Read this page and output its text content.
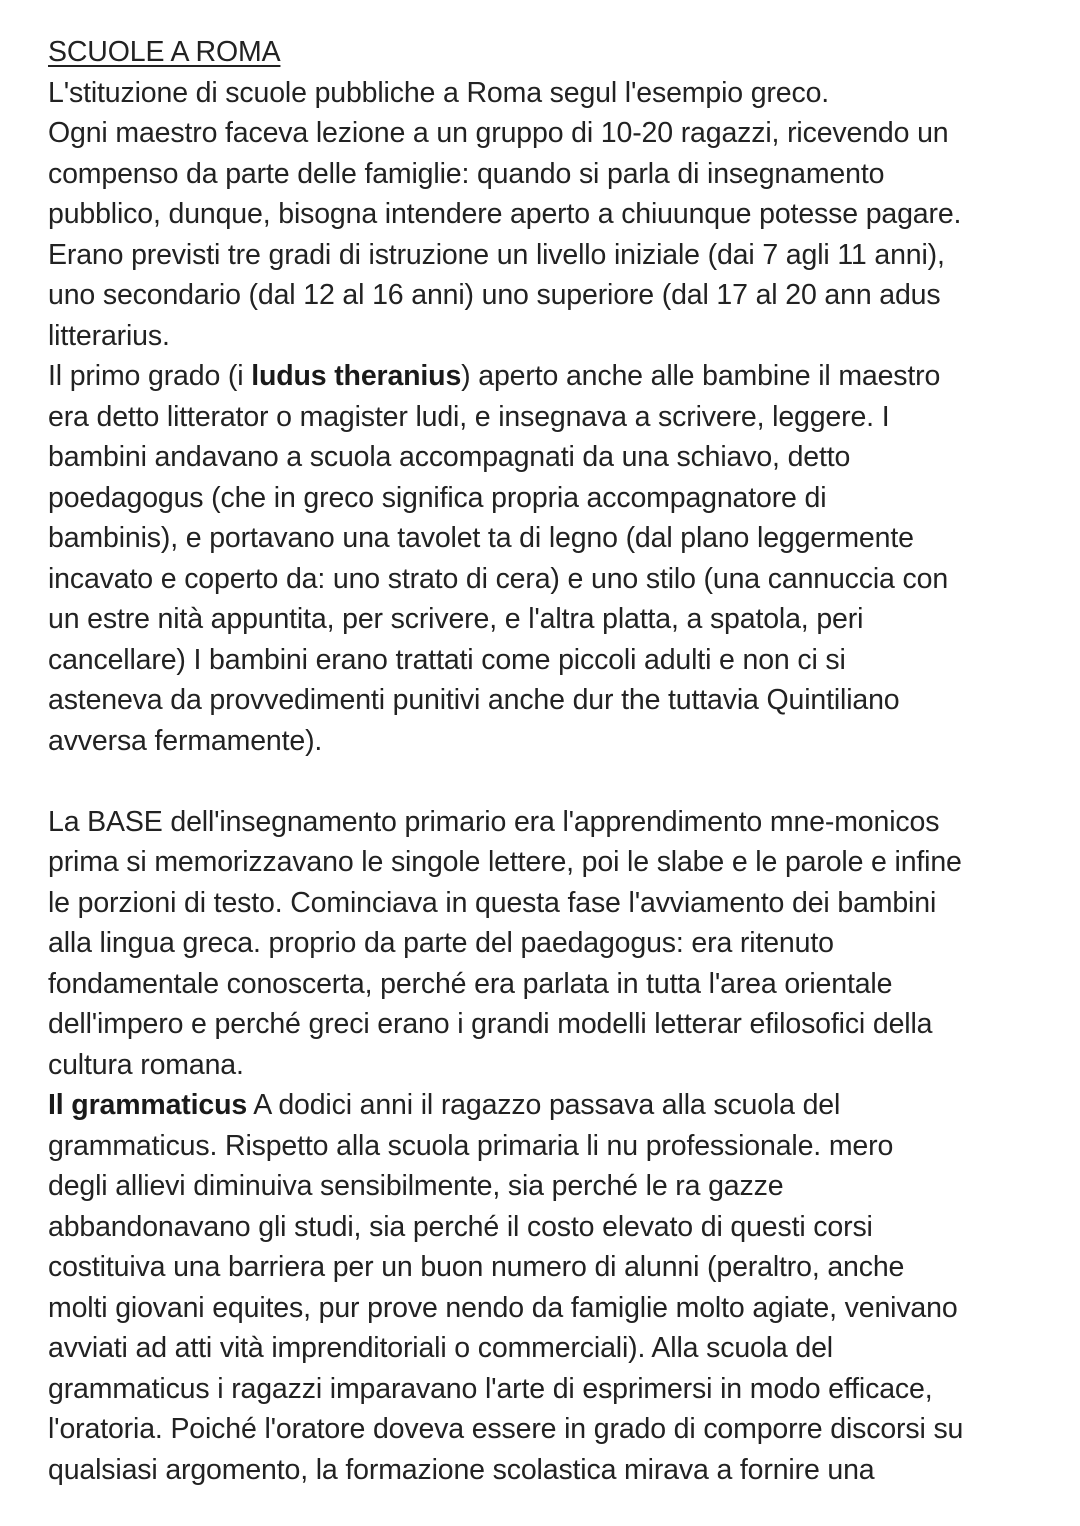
SCUOLE A ROMA
L'stituzione di scuole pubbliche a Roma segul l'esempio greco.
Ogni maestro faceva lezione a un gruppo di 10-20 ragazzi, ricevendo un
compenso da parte delle famiglie: quando si parla di insegnamento
pubblico, dunque, bisogna intendere aperto a chiuunque potesse pagare.
Erano previsti tre gradi di istruzione un livello iniziale (dai 7 agli 11 anni),
uno secondario (dal 12 al 16 anni) uno superiore (dal 17 al 20 ann adus
litterarius.
Il primo grado (i ludus theranius) aperto anche alle bambine il maestro
era detto litterator o magister ludi, e insegnava a scrivere, leggere. I
bambini andavano a scuola accompagnati da una schiavo, detto
poedagogus (che in greco significa propria accompagnatore di
bambinis), e portavano una tavolet ta di legno (dal plano leggermente
incavato e coperto da: uno strato di cera) e uno stilo (una cannuccia con
un estre nità appuntita, per scrivere, e l'altra platta, a spatola, peri
cancellare) I bambini erano trattati come piccoli adulti e non ci si
asteneva da provvedimenti punitivi anche dur the tuttavia Quintiliano
avversa fermamente).
La BASE dell'insegnamento primario era l'apprendimento mne-monicos
prima si memorizzavano le singole lettere, poi le slabe e le parole e infine
le porzioni di testo. Cominciava in questa fase l'avviamento dei bambini
alla lingua greca. proprio da parte del paedagogus: era ritenuto
fondamentale conoscerta, perché era parlata in tutta l'area orientale
dell'impero e perché greci erano i grandi modelli letterar efilosofici della
cultura romana.
Il grammaticus A dodici anni il ragazzo passava alla scuola del
grammaticus. Rispetto alla scuola primaria li nu professionale. mero
degli allievi diminuiva sensibilmente, sia perché le ra gazze
abbandonavano gli studi, sia perché il costo elevato di questi corsi
costituiva una barriera per un buon numero di alunni (peraltro, anche
molti giovani equites, pur prove nendo da famiglie molto agiate, venivano
avviati ad atti vità imprenditoriali o commerciali). Alla scuola del
grammaticus i ragazzi imparavano l'arte di esprimersi in modo efficace,
l'oratoria. Poiché l'oratore doveva essere in grado di comporre discorsi su
qualsiasi argomento, la formazione scolastica mirava a fornire una
